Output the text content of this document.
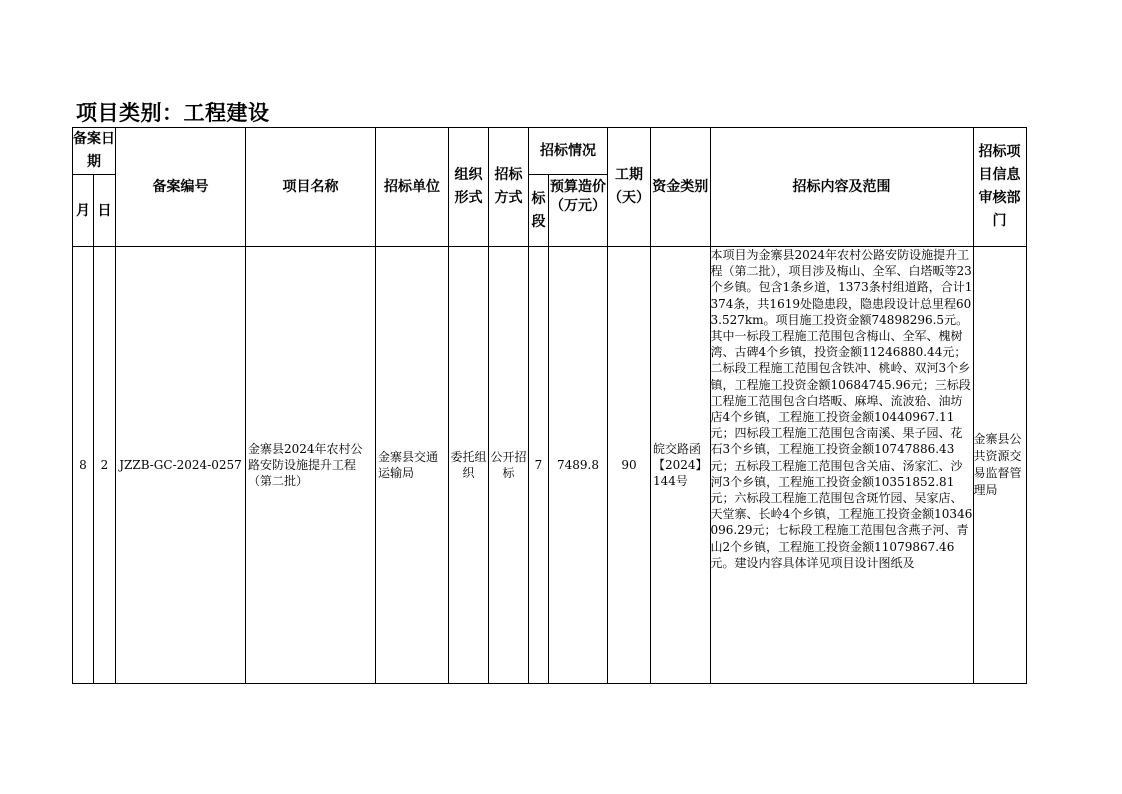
项目类别：工程建设
备案日期		备案编号	项目名称	招标单位	组织形式	招标方式	招标情况		工期（天）	资金类别	招标内容及范围	招标项目信息审核部门
月	日						标段	预算造价（万元）				

8	2	JZZB-GC-2024-0257	金寨县2024年农村公路安防设施提升工程（第二批）	金寨县交通运输局	委托组织	公开招标	7	7489.8	90	皖交路函【2024】144号	本项目为金寨县2024年农村公路安防设施提升工程（第二批），项目涉及梅山、全军、白塔畈等23个乡镇。包含1条乡道，1373条村组道路，合计1374条，共1619处隐患段，隐患段设计总里程603.527km。项目施工投资金额74898296.5元。其中一标段工程施工范围包含梅山、全军、槐树湾、古碑4个乡镇，投资金额11246880.44元；二标段工程施工范围包含铁冲、桃岭、双河3个乡镇，工程施工投资金额10684745.96元；三标段工程施工范围包含白塔畈、麻埠、流波𬌗、油坊店4个乡镇，工程施工投资金额10440967.11元；四标段工程施工范围包含南溪、果子园、花石3个乡镇，工程施工投资金额10747886.43元；五标段工程施工范围包含关庙、汤家汇、沙河3个乡镇，工程施工投资金额10351852.81元；六标段工程施工范围包含斑竹园、吴家店、天堂寨、长岭4个乡镇，工程施工投资金额10346096.29元；七标段工程施工范围包含燕子河、青山2个乡镇，工程施工投资金额11079867.46元。建设内容具体详见项目设计图纸及	金寨县公共资源交易监督管理局
